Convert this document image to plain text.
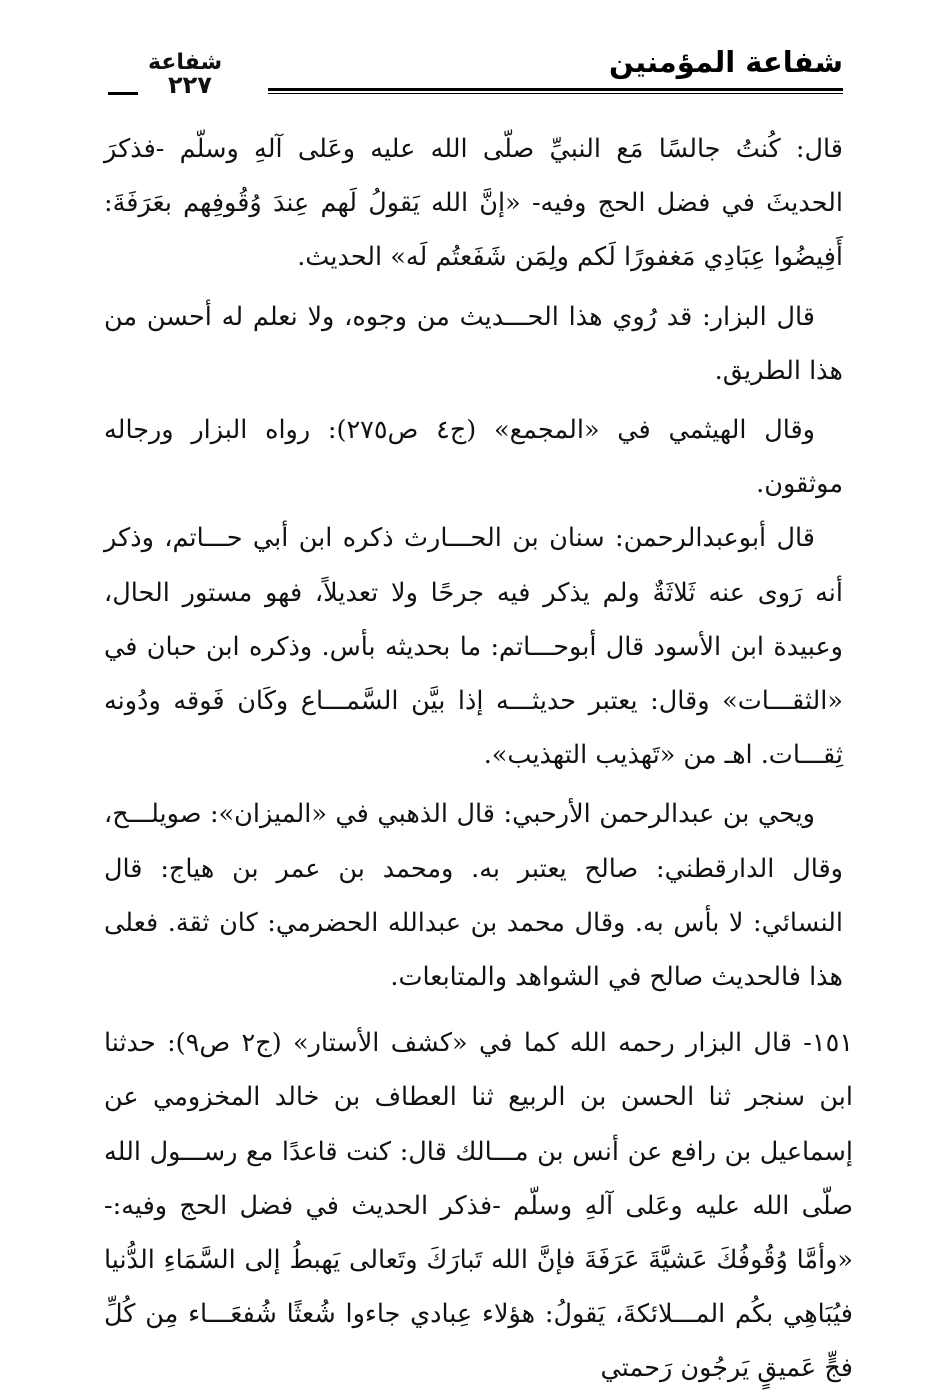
شفاعة المؤمنين
شفاعة
٢٢٧

قال: كُنتُ جالسًا مَع النبيِّ صلّى الله عليه وعَلى آلهِ وسلّم -فذكرَ الحديثَ في فضل الحج وفيه- «إنَّ الله يَقولُ لَهم عِندَ وُقُوفِهم بعَرَفَةَ: أَفِيضُوا عِبَادِي مَغفورًا لَكم ولِمَن شَفَعتُم لَه» الحديث.

قال البزار: قد رُوي هذا الحـــديث من وجوه، ولا نعلم له أحسن من هذا الطريق.

وقال الهيثمي في «المجمع» (ج٤ ص٢٧٥): رواه البزار ورجاله موثقون.

قال أبوعبدالرحمن: سنان بن الحـــارث ذكره ابن أبي حـــاتم، وذكر أنه رَوى عنه ثَلاثَةٌ ولم يذكر فيه جرحًا ولا تعديلاً، فهو مستور الحال، وعبيدة ابن الأسود قال أبوحـــاتم: ما بحديثه بأس. وذكره ابن حبان في «الثقـــات» وقال: يعتبر حديثـــه إذا بيَّن السَّمـــاع وكَان فَوقه ودُونه ثِقـــات. اهـ من «تَهذيب التهذيب».

ويحي بن عبدالرحمن الأرحبي: قال الذهبي في «الميزان»: صويلـــح، وقال الدارقطني: صالح يعتبر به. ومحمد بن عمر بن هياج: قال النسائي: لا بأس به. وقال محمد بن عبدالله الحضرمي: كان ثقة. فعلى هذا فالحديث صالح في الشواهد والمتابعات.

١٥١- قال البزار رحمه الله كما في «كشف الأستار» (ج٢ ص٩): حدثنا ابن سنجر ثنا الحسن بن الربيع ثنا العطاف بن خالد المخزومي عن إسماعيل بن رافع عن أنس بن مـــالك قال: كنت قاعدًا مع رســـول الله صلّى الله عليه وعَلى آلهِ وسلّم -فذكر الحديث في فضل الحج وفيه:- «وأمَّا وُقُوفُكَ عَشيَّةَ عَرَفَةَ فإنَّ الله تَبارَكَ وتَعالى يَهبطُ إلى السَّمَاءِ الدُّنيا فيُبَاهِي بكُم المـــلائكةَ، يَقولُ: هؤلاء عِبادي جاءوا شُعثًا شُفعَـــاء مِن كُلِّ فجٍّ عَميقٍ يَرجُون رَحمتي
